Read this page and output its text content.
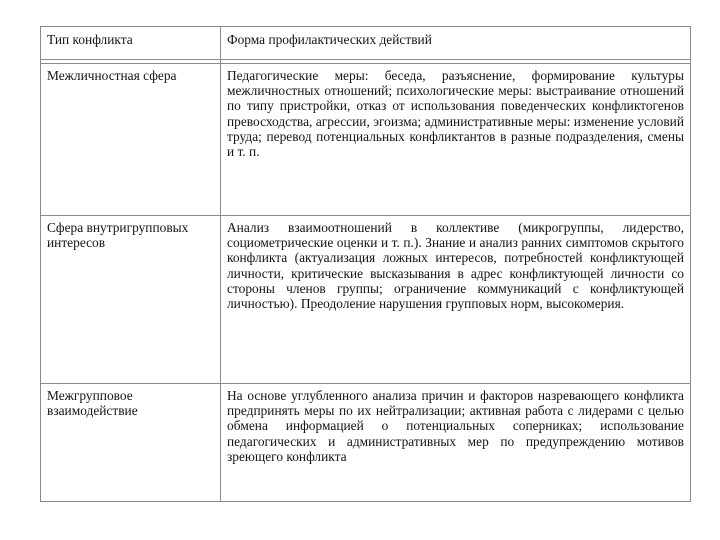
Тип конфликта	Форма профилактических действий

Межличностная сфера	Педагогические меры: беседа, разъяснение, формирование культуры межличностных отношений; психологические меры: выстраивание отношений по типу пристройки, отказ от использования поведенческих конфликтогенов превосходства, агрессии, эгоизма; административные меры: изменение условий труда; перевод потенциальных конфликтантов в разные подразделения, смены и т. п.
Сфера внутригрупповых интересов	Анализ взаимоотношений в коллективе (микрогруппы, лидерство, социометрические оценки и т. п.). Знание и анализ ранних симптомов скрытого конфликта (актуализация ложных интересов, потребностей конфликтующей личности, критические высказывания в адрес конфликтующей личности со стороны членов группы; ограничение коммуникаций с конфликтующей личностью). Преодоление нарушения групповых норм, высокомерия.
Межгрупповое взаимодействие	На основе углубленного анализа причин и факторов назревающего конфликта предпринять меры по их нейтрализации; активная работа с лидерами с целью обмена информацией о потенциальных соперниках; использование педагогических и административных мер по предупреждению мотивов зреющего конфликта
